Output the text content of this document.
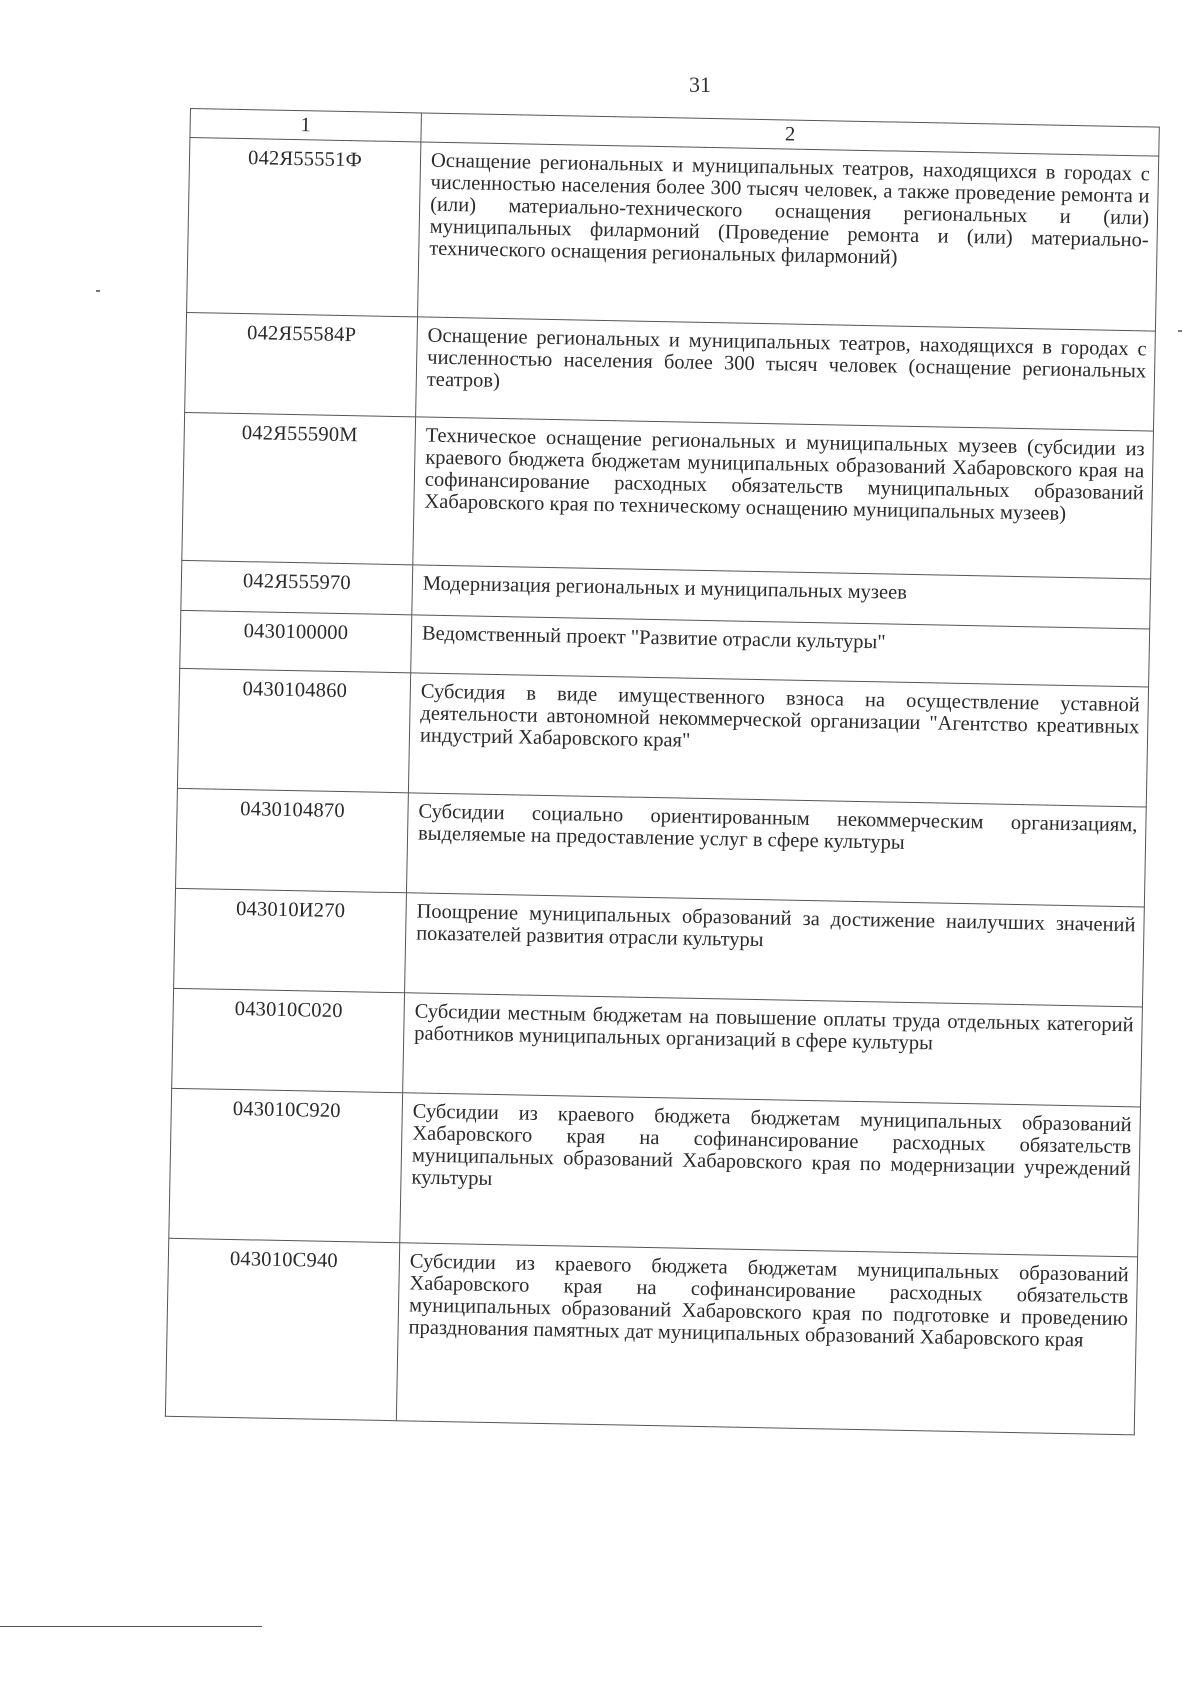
31
1	2
042Я55551Ф	Оснащение региональных и муниципальных театров, находящихся в городах с численностью населения более 300 тысяч человек, а также проведение ремонта и (или) материально-технического оснащения региональных и (или) муниципальных филармоний (Проведение ремонта и (или) материально-технического оснащения региональных филармоний)
042Я55584Р	Оснащение региональных и муниципальных театров, находящихся в городах с численностью населения более 300 тысяч человек (оснащение региональных театров)
042Я55590М	Техническое оснащение региональных и муниципальных музеев (субсидии из краевого бюджета бюджетам муниципальных образований Хабаровского края на софинансирование расходных обязательств муниципальных образований Хабаровского края по техническому оснащению муниципальных музеев)
042Я555970	Модернизация региональных и муниципальных музеев
0430100000	Ведомственный проект "Развитие отрасли культуры"
0430104860	Субсидия в виде имущественного взноса на осуществление уставной деятельности автономной некоммерческой организации "Агентство креативных индустрий Хабаровского края"
0430104870	Субсидии социально ориентированным некоммерческим организациям, выделяемые на предоставление услуг в сфере культуры
043010И270	Поощрение муниципальных образований за достижение наилучших значений показателей развития отрасли культуры
043010С020	Субсидии местным бюджетам на повышение оплаты труда отдельных категорий работников муниципальных организаций в сфере культуры
043010С920	Субсидии из краевого бюджета бюджетам муниципальных образований Хабаровского края на софинансирование расходных обязательств муниципальных образований Хабаровского края по модернизации учреждений культуры
043010С940	Субсидии из краевого бюджета бюджетам муниципальных образований Хабаровского края на софинансирование расходных обязательств муниципальных образований Хабаровского края по подготовке и проведению празднования памятных дат муниципальных образований Хабаровского края
